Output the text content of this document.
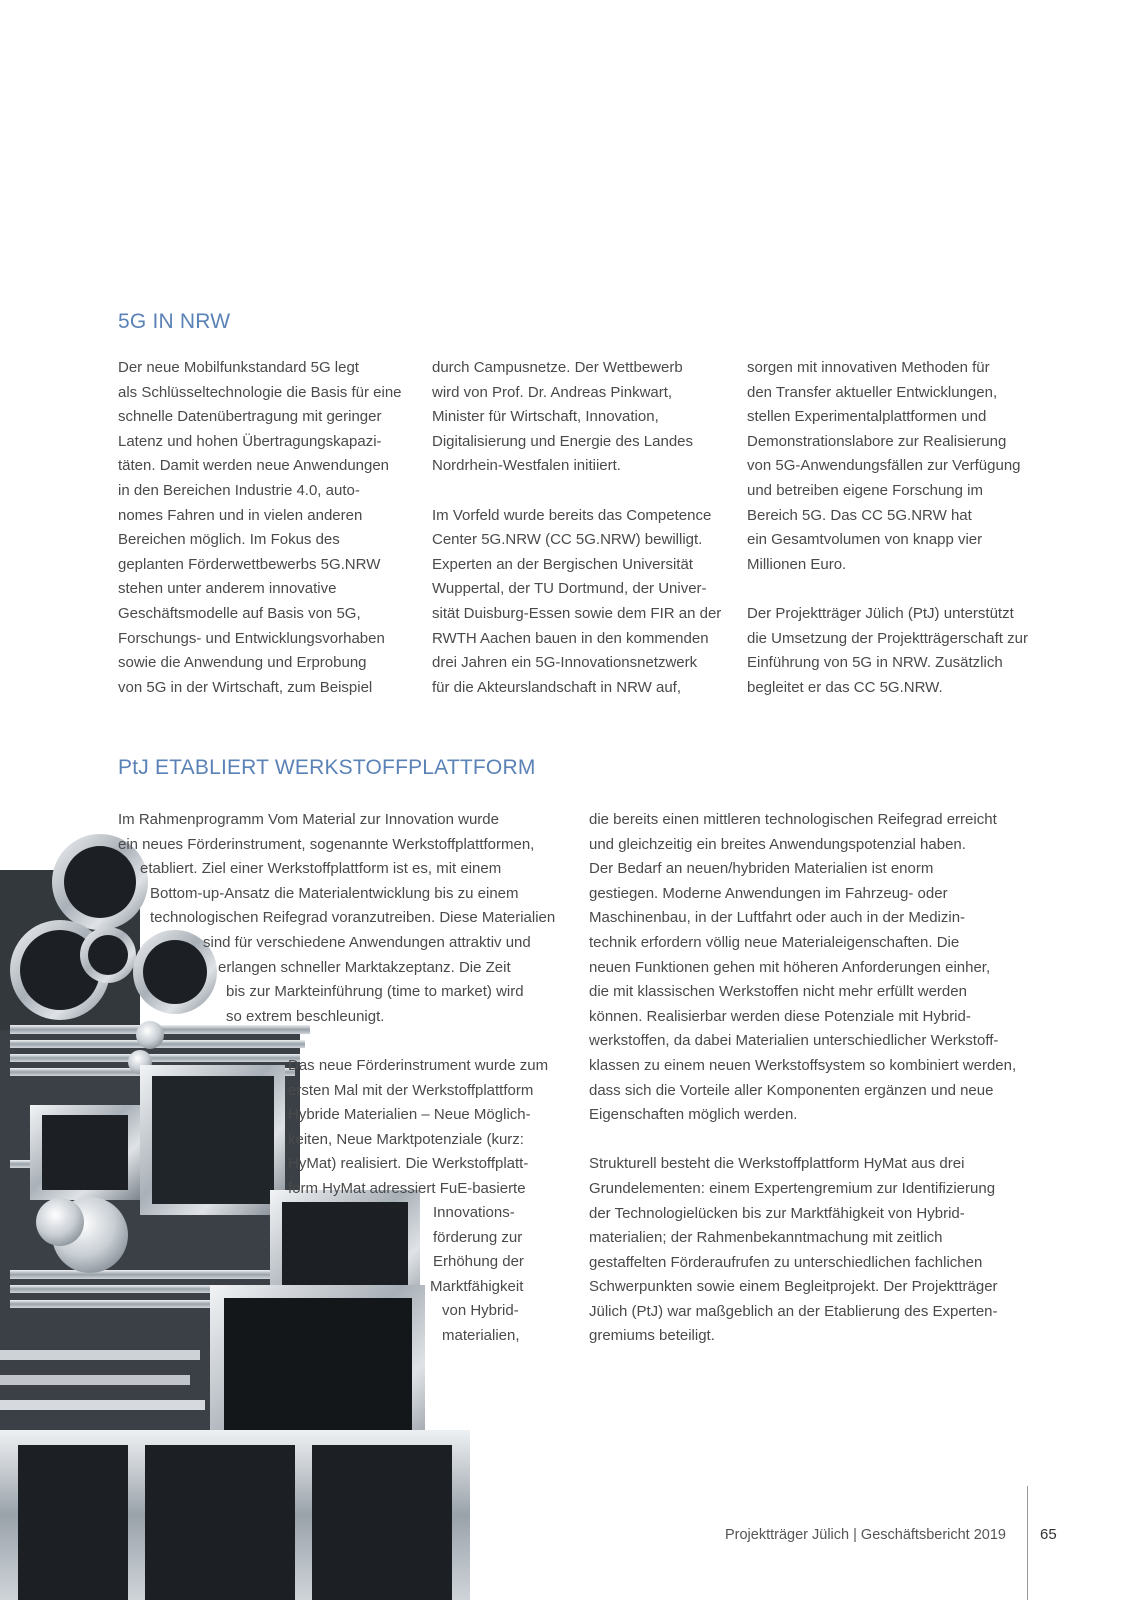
5G IN NRW
Der neue Mobilfunkstandard 5G legt
als Schlüsseltechnologie die Basis für eine
schnelle Datenübertragung mit geringer
Latenz und hohen Übertragungskapazi-
täten. Damit werden neue Anwendungen
in den Bereichen Industrie 4.0, auto-
nomes Fahren und in vielen anderen
Bereichen möglich. Im Fokus des
geplanten Förderwettbewerbs 5G.NRW
stehen unter anderem innovative
Geschäftsmodelle auf Basis von 5G,
Forschungs- und Entwicklungsvorhaben
sowie die Anwendung und Erprobung
von 5G in der Wirtschaft, zum Beispiel
durch Campusnetze. Der Wettbewerb
wird von Prof. Dr. Andreas Pinkwart,
Minister für Wirtschaft, Innovation,
Digitalisierung und Energie des Landes
Nordrhein-Westfalen initiiert.
Im Vorfeld wurde bereits das Competence
Center 5G.NRW (CC 5G.NRW) bewilligt.
Experten an der Bergischen Universität
Wuppertal, der TU Dortmund, der Univer-
sität Duisburg-Essen sowie dem FIR an der
RWTH Aachen bauen in den kommenden
drei Jahren ein 5G-Innovationsnetzwerk
für die Akteurslandschaft in NRW auf,
sorgen mit innovativen Methoden für
den Transfer aktueller Entwicklungen,
stellen Experimentalplattformen und
Demonstrationslabore zur Realisierung
von 5G-Anwendungsfällen zur Verfügung
und betreiben eigene Forschung im
Bereich 5G. Das CC 5G.NRW hat
ein Gesamtvolumen von knapp vier
Millionen Euro.
Der Projektträger Jülich (PtJ) unterstützt
die Umsetzung der Projektträgerschaft zur
Einführung von 5G in NRW. Zusätzlich
begleitet er das CC 5G.NRW.
PtJ ETABLIERT WERKSTOFFPLATTFORM
Im Rahmenprogramm Vom Material zur Innovation wurde
ein neues Förderinstrument, sogenannte Werkstoffplattformen,
etabliert. Ziel einer Werkstoffplattform ist es, mit einem
Bottom-up-Ansatz die Materialentwicklung bis zu einem
technologischen Reifegrad voranzutreiben. Diese Materialien
sind für verschiedene Anwendungen attraktiv und
erlangen schneller Marktakzeptanz. Die Zeit
bis zur Markteinführung (time to market) wird
so extrem beschleunigt.
Das neue Förderinstrument wurde zum
ersten Mal mit der Werkstoffplattform
Hybride Materialien – Neue Möglich-
keiten, Neue Marktpotenziale (kurz:
HyMat) realisiert. Die Werkstoffplatt-
form HyMat adressiert FuE-basierte
Innovations-
förderung zur
Erhöhung der
Marktfähigkeit
von Hybrid-
materialien,
die bereits einen mittleren technologischen Reifegrad erreicht
und gleichzeitig ein breites Anwendungspotenzial haben.
Der Bedarf an neuen/hybriden Materialien ist enorm
gestiegen. Moderne Anwendungen im Fahrzeug- oder
Maschinenbau, in der Luftfahrt oder auch in der Medizin-
technik erfordern völlig neue Materialeigenschaften. Die
neuen Funktionen gehen mit höheren Anforderungen einher,
die mit klassischen Werkstoffen nicht mehr erfüllt werden
können. Realisierbar werden diese Potenziale mit Hybrid-
werkstoffen, da dabei Materialien unterschiedlicher Werkstoff-
klassen zu einem neuen Werkstoffsystem so kombiniert werden,
dass sich die Vorteile aller Komponenten ergänzen und neue
Eigenschaften möglich werden.
Strukturell besteht die Werkstoffplattform HyMat aus drei
Grundelementen: einem Expertengremium zur Identifizierung
der Technologielücken bis zur Marktfähigkeit von Hybrid-
materialien; der Rahmenbekanntmachung mit zeitlich
gestaffelten Förderaufrufen zu unterschiedlichen fachlichen
Schwerpunkten sowie einem Begleitprojekt. Der Projektträger
Jülich (PtJ) war maßgeblich an der Etablierung des Experten-
gremiums beteiligt.
Projektträger Jülich | Geschäftsbericht 2019 65
